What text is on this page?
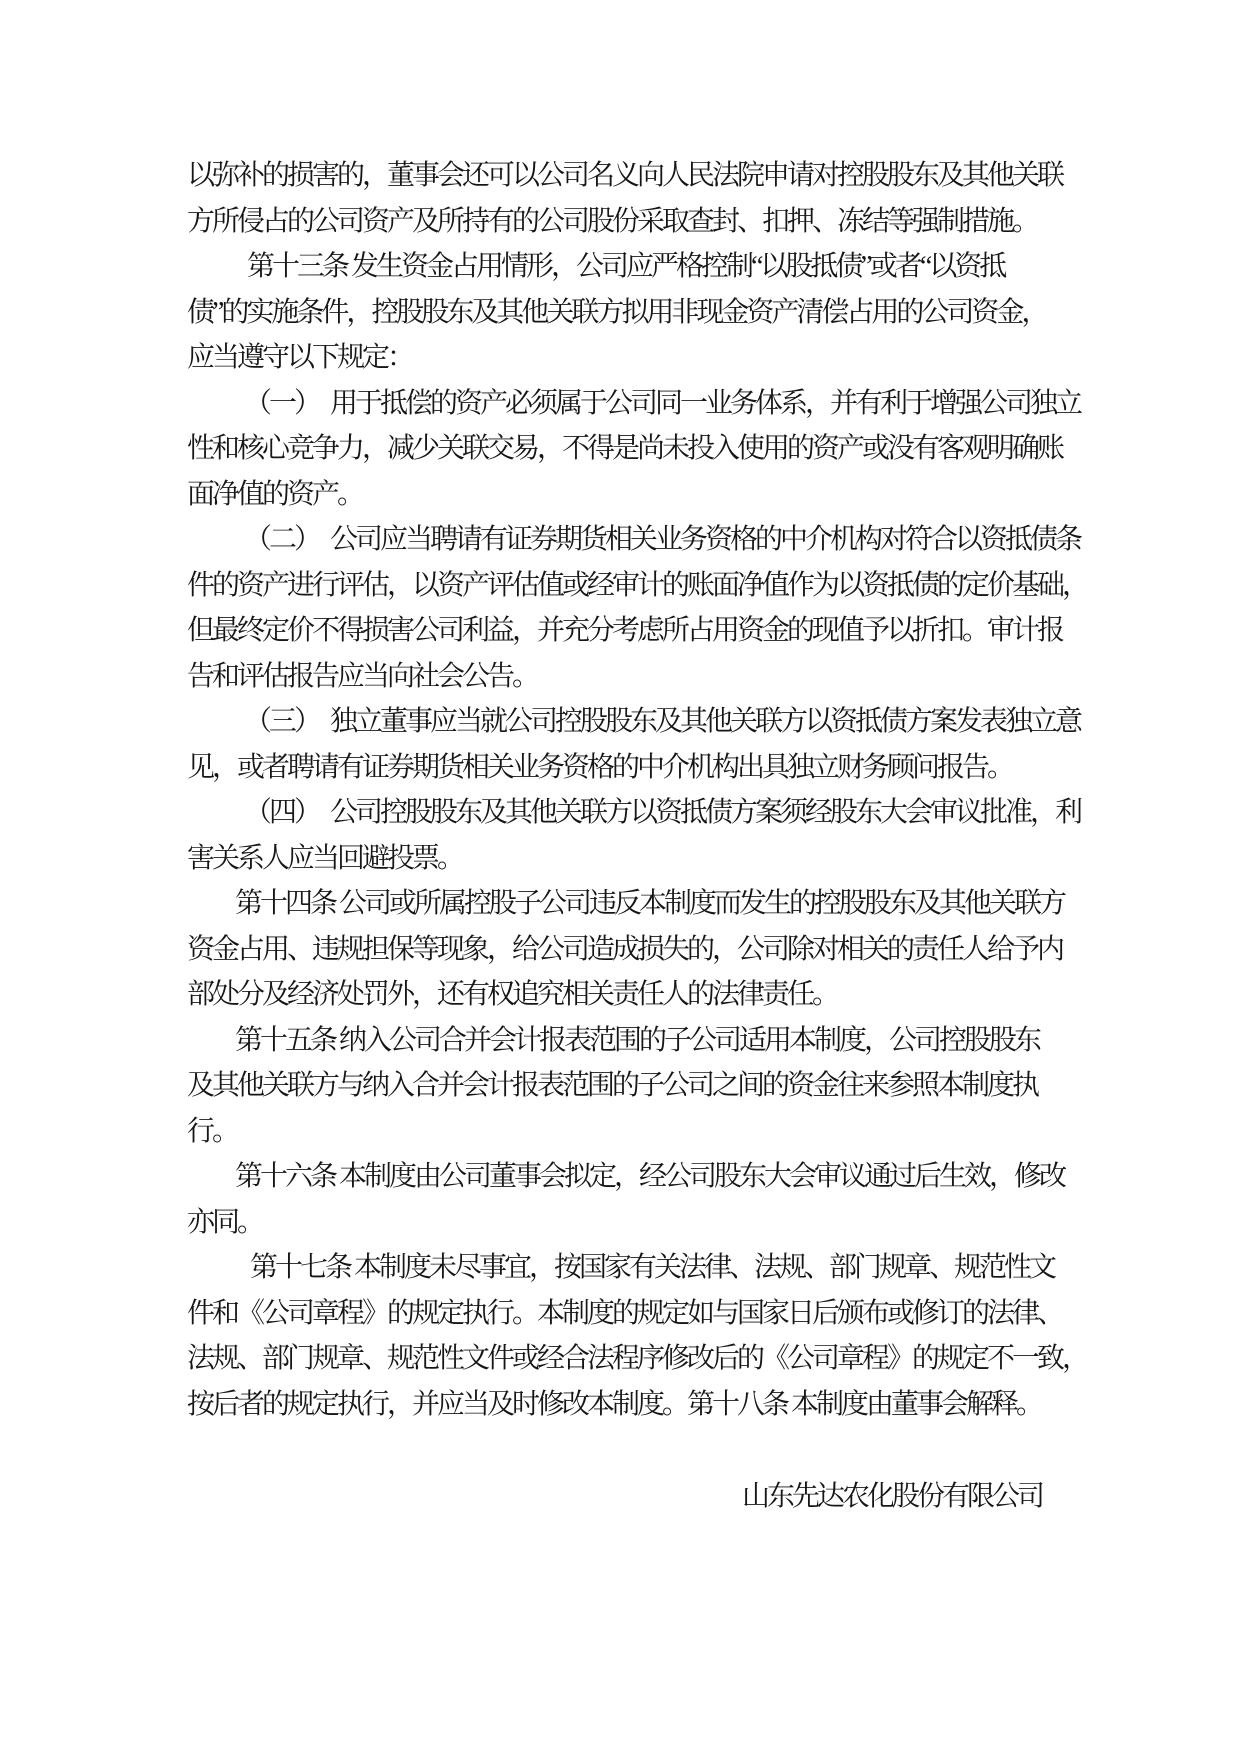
以弥补的损害的，董事会还可以公司名义向人民法院申请对控股股东及其他关联
方所侵占的公司资产及所持有的公司股份采取查封、扣押、冻结等强制措施。
第十三条 发生资金占用情形，公司应严格控制“以股抵债”或者“以资抵
债”的实施条件，控股股东及其他关联方拟用非现金资产清偿占用的公司资金，
应当遵守以下规定：
（一）　用于抵偿的资产必须属于公司同一业务体系，并有利于增强公司独立
性和核心竞争力，减少关联交易，不得是尚未投入使用的资产或没有客观明确账
面净值的资产。
（二）　公司应当聘请有证券期货相关业务资格的中介机构对符合以资抵债条
件的资产进行评估，以资产评估值或经审计的账面净值作为以资抵债的定价基础，
但最终定价不得损害公司利益，并充分考虑所占用资金的现值予以折扣。审计报
告和评估报告应当向社会公告。
（三）　独立董事应当就公司控股股东及其他关联方以资抵债方案发表独立意
见，或者聘请有证券期货相关业务资格的中介机构出具独立财务顾问报告。
（四）　公司控股股东及其他关联方以资抵债方案须经股东大会审议批准，利
害关系人应当回避投票。
第十四条 公司或所属控股子公司违反本制度而发生的控股股东及其他关联方
资金占用、违规担保等现象，给公司造成损失的，公司除对相关的责任人给予内
部处分及经济处罚外，还有权追究相关责任人的法律责任。
第十五条 纳入公司合并会计报表范围的子公司适用本制度，公司控股股东
及其他关联方与纳入合并会计报表范围的子公司之间的资金往来参照本制度执
行。
第十六条 本制度由公司董事会拟定，经公司股东大会审议通过后生效，修改
亦同。
第十七条 本制度未尽事宜，按国家有关法律、法规、部门规章、规范性文
件和《公司章程》的规定执行。本制度的规定如与国家日后颁布或修订的法律、
法规、部门规章、规范性文件或经合法程序修改后的《公司章程》的规定不一致，
按后者的规定执行，并应当及时修改本制度。第十八条 本制度由董事会解释。
山东先达农化股份有限公司
